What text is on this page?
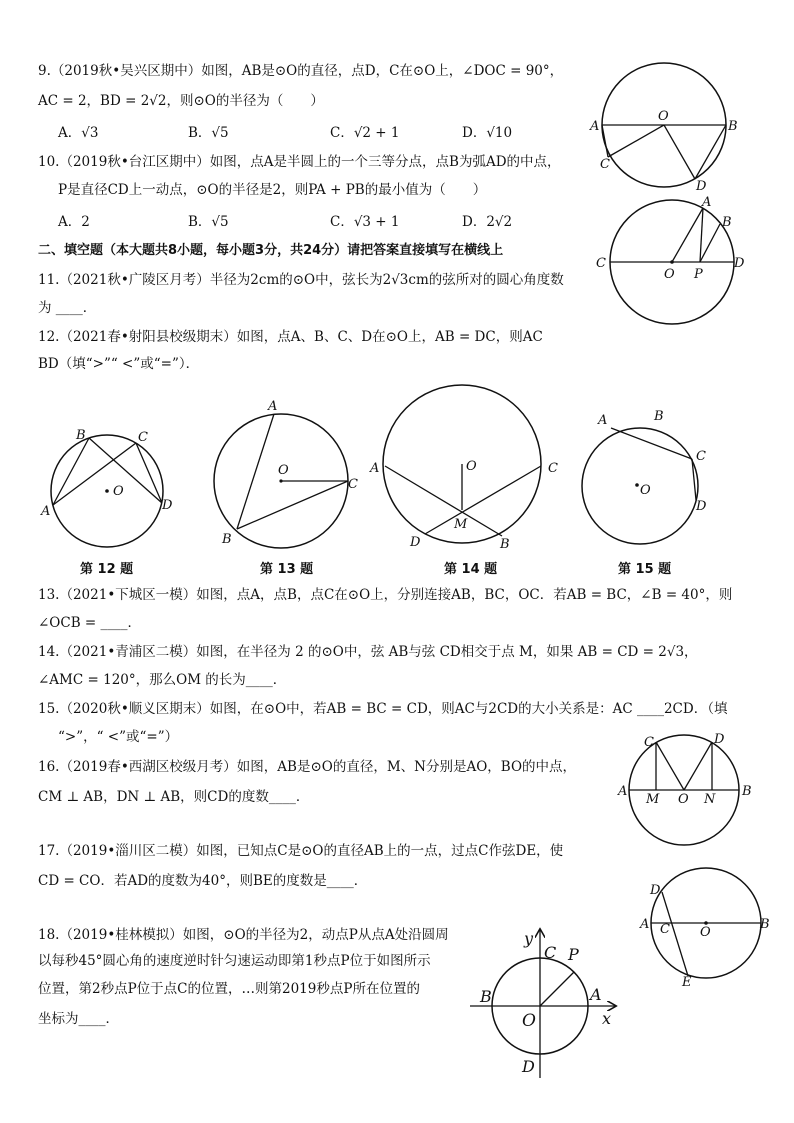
9.（2019秋•吴兴区期中）如图，AB是⊙O的直径，点D，C在⊙O上，∠DOC = 90°，
AC = 2，BD = 2√2，则⊙O的半径为（　　）
A．√3	B．√5	C．√2 + 1	D．√10
10.（2019秋•台江区期中）如图，点A是半圆上的一个三等分点，点B为弧AD的中点，
P是直径CD上一动点，⊙O的半径是2，则PA + PB的最小值为（　　）
A．2	B．√5	C．√3 + 1	D．2√2
二、填空题（本大题共8小题，每小题3分，共24分）请把答案直接填写在横线上
11.（2021秋•广陵区月考）半径为2cm的⊙O中，弦长为2√3cm的弦所对的圆心角度数
为 ____．
12.（2021春•射阳县校级期末）如图，点A、B、C、D在⊙O上，AB = DC，则AC
BD（填“>”“ <”或“=”）．
O
A	B
C
D
A
B
C
O P
D
B	C
O
A	D
第 12 题
A
O
C
B
第 13 题
O
A	C
M
D	B
第 14 题
A	B
C
O
D
第 15 题
13.（2021•下城区一模）如图，点A，点B，点C在⊙O上，分别连接AB，BC，OC．若AB = BC，∠B = 40°，则
∠OCB = ____．
14.（2021•青浦区二模）如图，在半径为 2 的⊙O中，弦 AB与弦 CD相交于点 M，如果 AB = CD = 2√3，
∠AMC = 120°，那么OM 的长为____．
15.（2020秋•顺义区期末）如图，在⊙O中，若AB = BC = CD，则AC与2CD的大小关系是：AC ____2CD．（填
“>”，“ <”或“=”）
16.（2019春•西湖区校级月考）如图，AB是⊙O的直径，M、N分别是AO，BO的中点，
CM ⊥ AB，DN ⊥ AB，则CD的度数____．
C	D
A
M O N
B
17.（2019•淄川区二模）如图，已知点C是⊙O的直径AB上的一点，过点C作弦DE，使
CD = CO．若AD的度数为40°，则BE的度数是____．
D
A C O
B
E
18.（2019•桂林模拟）如图，⊙O的半径为2，动点P从点A处沿圆周
以每秒45°圆心角的速度逆时针匀速运动即第1秒点P位于如图所示
位置，第2秒点P位于点C的位置，…则第2019秒点P所在位置的
坐标为____．
y
C P
B	A
O	x
D
